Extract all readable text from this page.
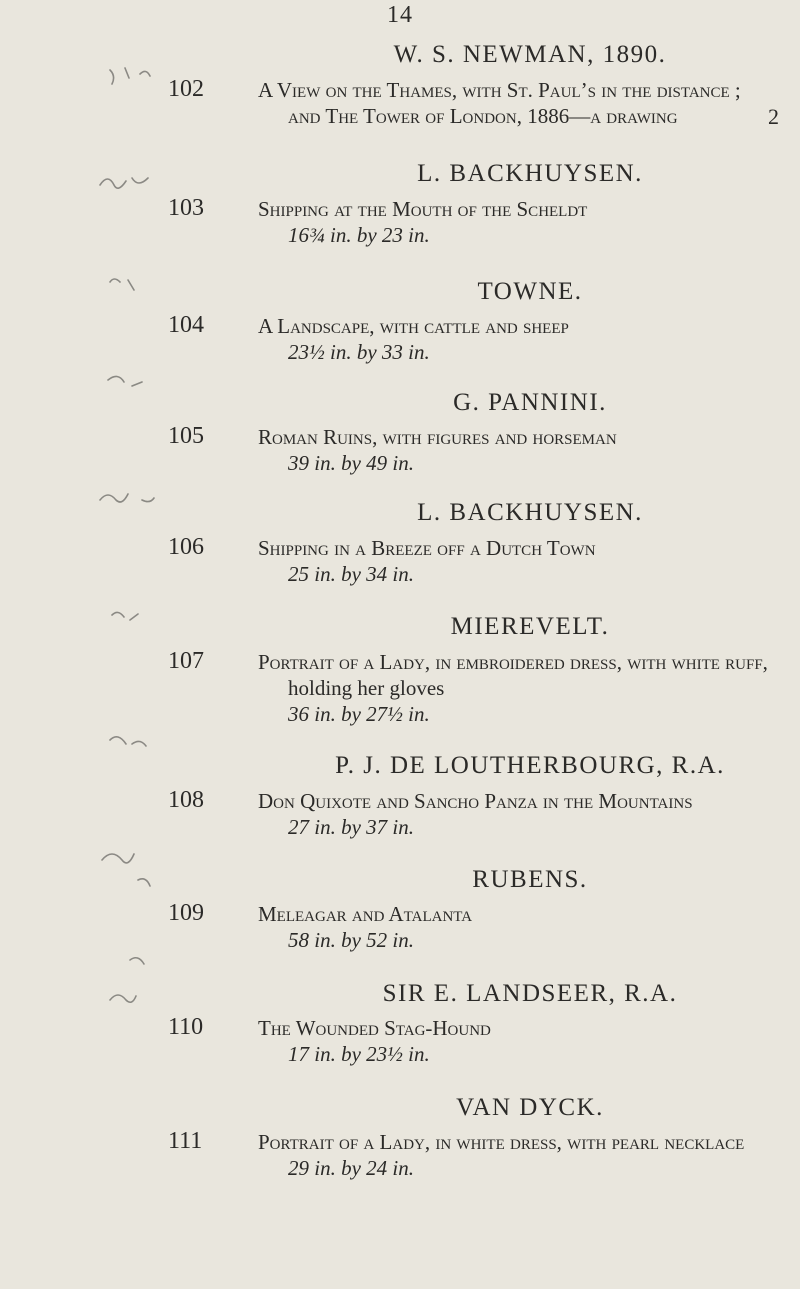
14
W. S. NEWMAN, 1890.
102	A View on the Thames, with St. Paul’s in the distance ;
and The Tower of London, 1886—a drawing	2
L. BACKHUYSEN.
103	Shipping at the Mouth of the Scheldt
16¾ in. by 23 in.
TOWNE.
104	A Landscape, with cattle and sheep
23½ in. by 33 in.
G. PANNINI.
105	Roman Ruins, with figures and horseman
39 in. by 49 in.
L. BACKHUYSEN.
106	Shipping in a Breeze off a Dutch Town
25 in. by 34 in.
MIEREVELT.
107	Portrait of a Lady, in embroidered dress, with white ruff,
holding her gloves
36 in. by 27½ in.
P. J. DE LOUTHERBOURG, R.A.
108	Don Quixote and Sancho Panza in the Mountains
27 in. by 37 in.
RUBENS.
109	Meleagar and Atalanta
58 in. by 52 in.
SIR E. LANDSEER, R.A.
110	The Wounded Stag-Hound
17 in. by 23½ in.
VAN DYCK.
111	Portrait of a Lady, in white dress, with pearl necklace
29 in. by 24 in.
